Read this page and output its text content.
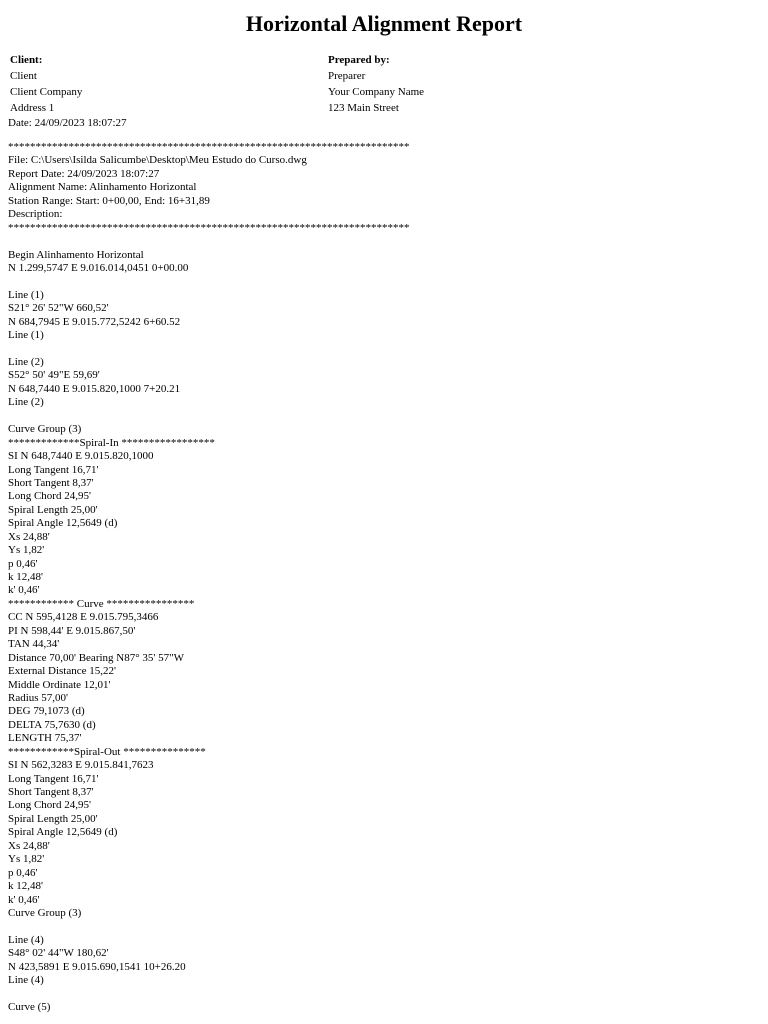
Horizontal Alignment Report
Client:
Client
Client Company
Address 1
Prepared by:
Preparer
Your Company Name
123 Main Street
Date: 24/09/2023 18:07:27
*************************************************************************
File: C:\Users\Isilda Salicumbe\Desktop\Meu Estudo do Curso.dwg
Report Date: 24/09/2023 18:07:27
Alignment Name: Alinhamento Horizontal
Station Range: Start: 0+00,00, End: 16+31,89
Description:
*************************************************************************

Begin Alinhamento Horizontal
N 1.299,5747 E 9.016.014,0451 0+00.00

Line (1)
S21° 26' 52"W 660,52'
N 684,7945 E 9.015.772,5242 6+60.52
Line (1)

Line (2)
S52° 50' 49"E 59,69'
N 648,7440 E 9.015.820,1000 7+20.21
Line (2)

Curve Group (3)
*************Spiral-In *****************
SI N 648,7440 E 9.015.820,1000
Long Tangent 16,71'
Short Tangent 8,37'
Long Chord 24,95'
Spiral Length 25,00'
Spiral Angle 12,5649 (d)
Xs 24,88'
Ys 1,82'
p 0,46'
k 12,48'
k' 0,46'
************ Curve ****************
CC N 595,4128 E 9.015.795,3466
PI N 598,44' E 9.015.867,50'
TAN 44,34'
Distance 70,00' Bearing N87° 35' 57"W
External Distance 15,22'
Middle Ordinate 12,01'
Radius 57,00'
DEG 79,1073 (d)
DELTA 75,7630 (d)
LENGTH 75,37'
************Spiral-Out ***************
SI N 562,3283 E 9.015.841,7623
Long Tangent 16,71'
Short Tangent 8,37'
Long Chord 24,95'
Spiral Length 25,00'
Spiral Angle 12,5649 (d)
Xs 24,88'
Ys 1,82'
p 0,46'
k 12,48'
k' 0,46'
Curve Group (3)

Line (4)
S48° 02' 44"W 180,62'
N 423,5891 E 9.015.690,1541 10+26.20
Line (4)

Curve (5)
